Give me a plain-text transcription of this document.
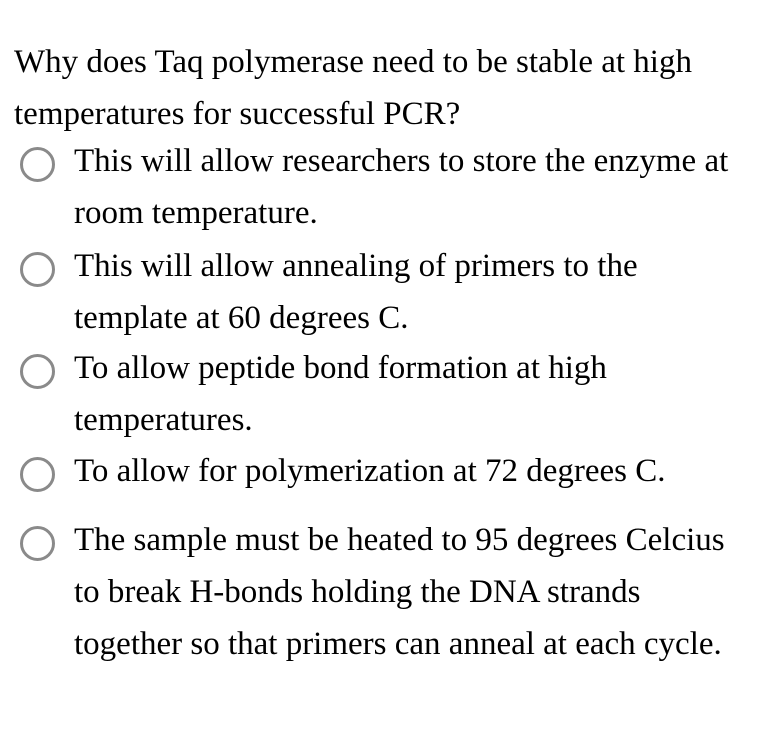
Why does Taq polymerase need to be stable at high temperatures for successful PCR?
This will allow researchers to store the enzyme at room temperature.
This will allow annealing of primers to the template at 60 degrees C.
To allow peptide bond formation at high temperatures.
To allow for polymerization at 72 degrees C.
The sample must be heated to 95 degrees Celcius to break H-bonds holding the DNA strands together so that primers can anneal at each cycle.
